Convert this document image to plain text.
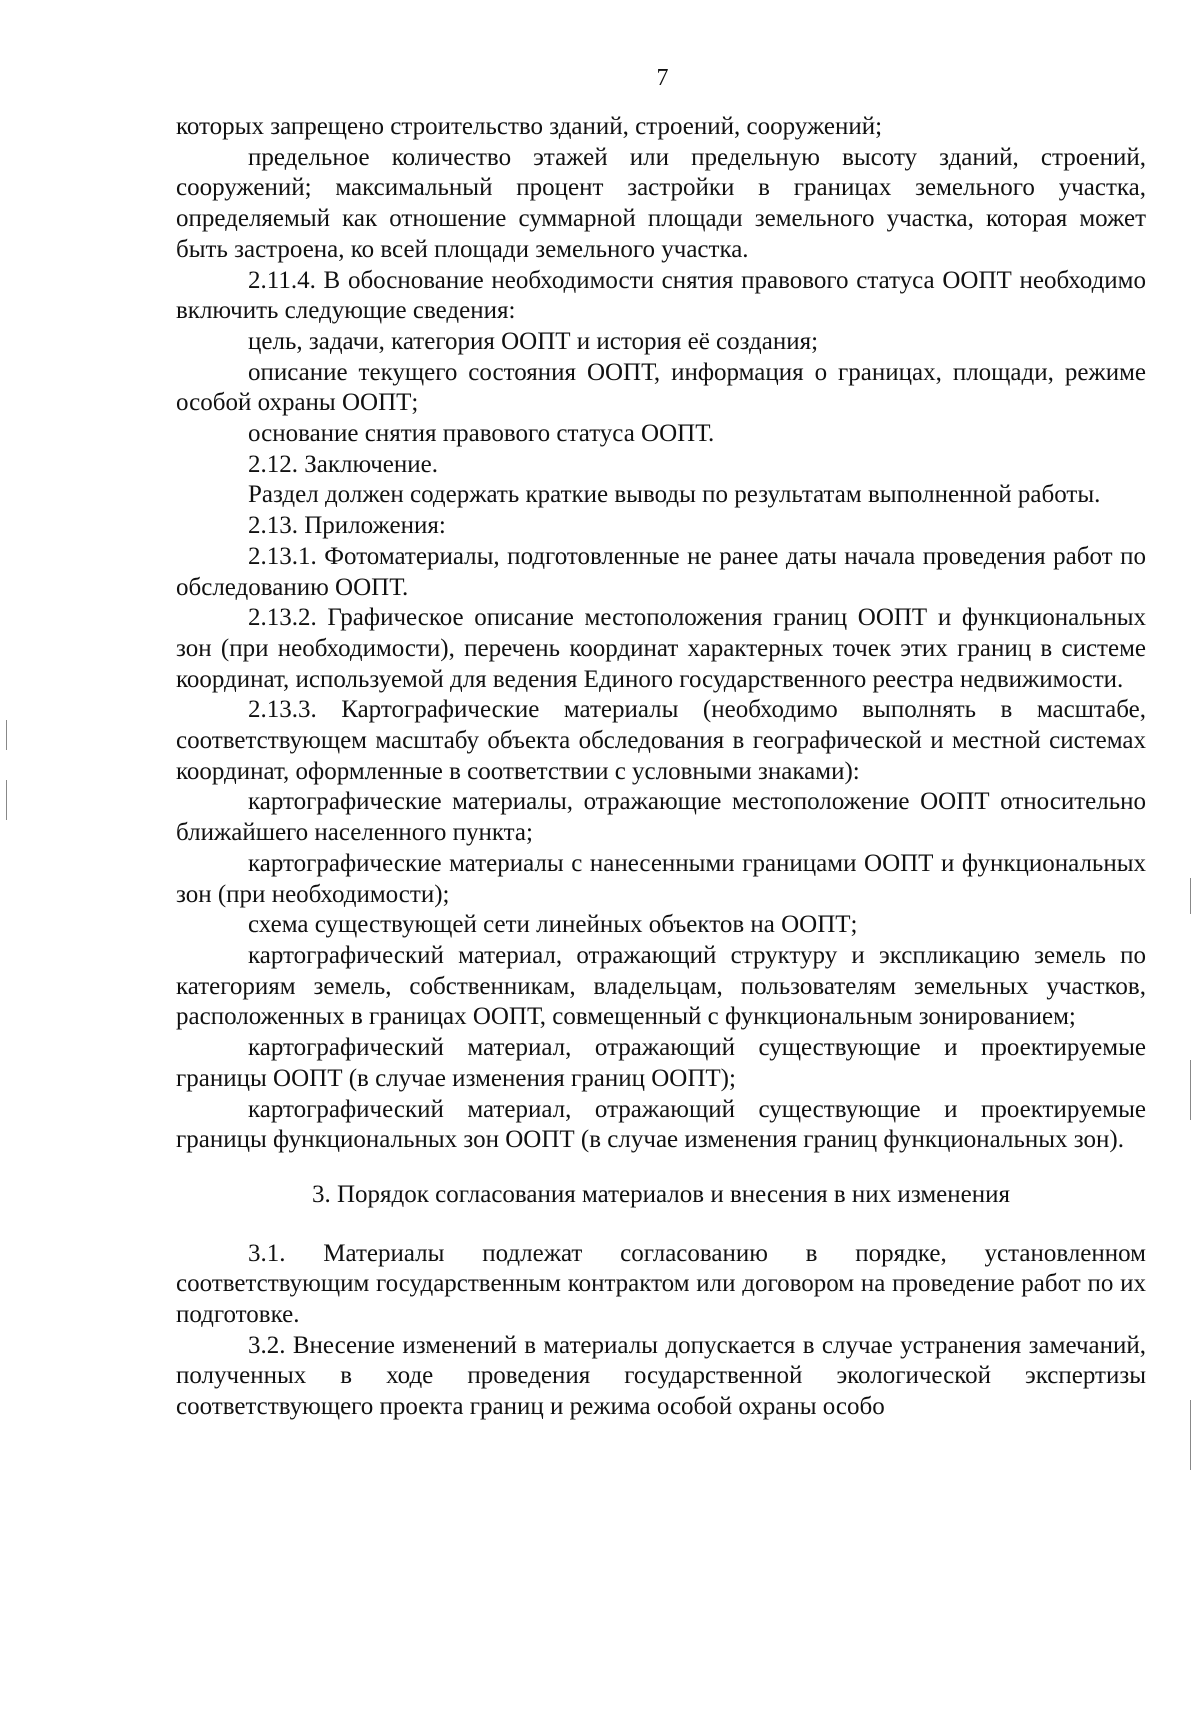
7

которых запрещено строительство зданий, строений, сооружений;

предельное количество этажей или предельную высоту зданий, строений, сооружений; максимальный процент застройки в границах земельного участка, определяемый как отношение суммарной площади земельного участка, которая может быть застроена, ко всей площади земельного участка.

2.11.4. В обоснование необходимости снятия правового статуса ООПТ необходимо включить следующие сведения:

цель, задачи, категория ООПТ и история её создания;

описание текущего состояния ООПТ, информация о границах, площади, режиме особой охраны ООПТ;

основание снятия правового статуса ООПТ.

2.12. Заключение.

Раздел должен содержать краткие выводы по результатам выполненной работы.

2.13. Приложения:

2.13.1. Фотоматериалы, подготовленные не ранее даты начала проведения работ по обследованию ООПТ.

2.13.2. Графическое описание местоположения границ ООПТ и функциональных зон (при необходимости), перечень координат характерных точек этих границ в системе координат, используемой для ведения Единого государственного реестра недвижимости.

2.13.3. Картографические материалы (необходимо выполнять в масштабе, соответствующем масштабу объекта обследования в географической и местной системах координат, оформленные в соответствии с условными знаками):

картографические материалы, отражающие местоположение ООПТ относительно ближайшего населенного пункта;

картографические материалы с нанесенными границами ООПТ и функциональных зон (при необходимости);

схема существующей сети линейных объектов на ООПТ;

картографический материал, отражающий структуру и экспликацию земель по категориям земель, собственникам, владельцам, пользователям земельных участков, расположенных в границах ООПТ, совмещенный с функциональным зонированием;

картографический материал, отражающий существующие и проектируемые границы ООПТ (в случае изменения границ ООПТ);

картографический материал, отражающий существующие и проектируемые границы функциональных зон ООПТ (в случае изменения границ функциональных зон).

3. Порядок согласования материалов и внесения в них изменения

3.1. Материалы подлежат согласованию в порядке, установленном соответствующим государственным контрактом или договором на проведение работ по их подготовке.

3.2. Внесение изменений в материалы допускается в случае устранения замечаний, полученных в ходе проведения государственной экологической экспертизы соответствующего проекта границ и режима особой охраны особо
